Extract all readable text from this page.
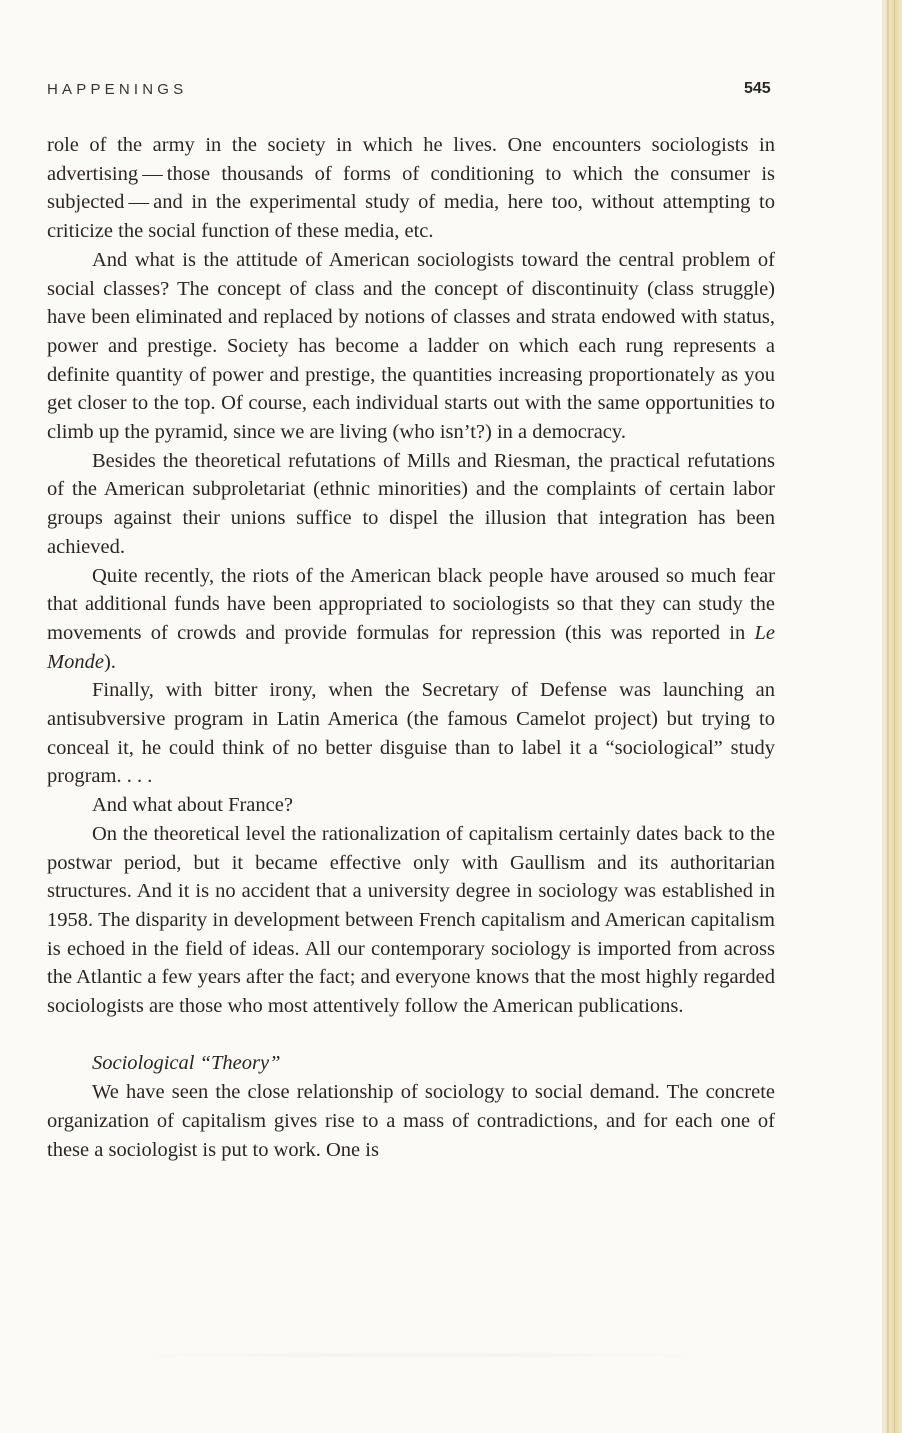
HAPPENINGS	545

role of the army in the society in which he lives. One encounters sociologists in advertising — those thousands of forms of conditioning to which the consumer is subjected — and in the experimental study of media, here too, without attempting to criticize the social function of these media, etc.

And what is the attitude of American sociologists toward the central problem of social classes? The concept of class and the concept of discontinuity (class struggle) have been eliminated and replaced by notions of classes and strata endowed with status, power and prestige. Society has become a ladder on which each rung represents a definite quantity of power and prestige, the quantities increasing proportionately as you get closer to the top. Of course, each individual starts out with the same opportunities to climb up the pyramid, since we are living (who isn’t?) in a democracy.

Besides the theoretical refutations of Mills and Riesman, the practical refutations of the American subproletariat (ethnic minorities) and the complaints of certain labor groups against their unions suffice to dispel the illusion that integration has been achieved.

Quite recently, the riots of the American black people have aroused so much fear that additional funds have been appropriated to sociologists so that they can study the movements of crowds and provide formulas for repression (this was reported in Le Monde).

Finally, with bitter irony, when the Secretary of Defense was launching an antisubversive program in Latin America (the famous Camelot project) but trying to conceal it, he could think of no better disguise than to label it a “sociological” study program. . . .

And what about France?

On the theoretical level the rationalization of capitalism certainly dates back to the postwar period, but it became effective only with Gaullism and its authoritarian structures. And it is no accident that a university degree in sociology was established in 1958. The disparity in development between French capitalism and American capitalism is echoed in the field of ideas. All our contemporary sociology is imported from across the Atlantic a few years after the fact; and everyone knows that the most highly regarded sociologists are those who most attentively follow the American publications.

Sociological “Theory”

We have seen the close relationship of sociology to social demand. The concrete organization of capitalism gives rise to a mass of contradictions, and for each one of these a sociologist is put to work. One is
